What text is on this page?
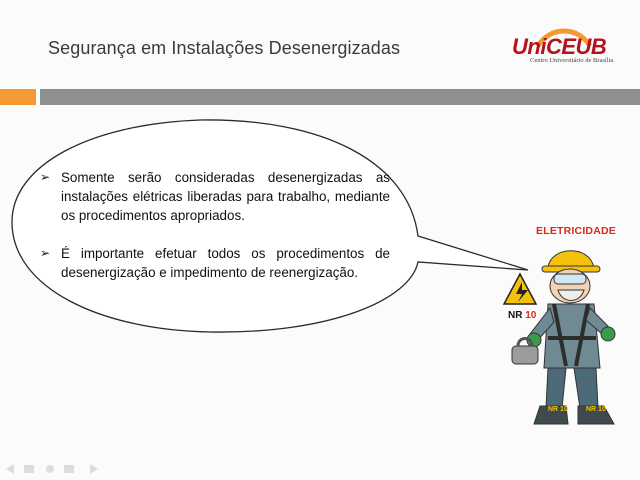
Segurança em Instalações Desenergizadas	UniCEUB
Centro Universitário de Brasília
➢ Somente serão consideradas desenergizadas as instalações elétricas liberadas para trabalho, mediante os procedimentos apropriados.
➢ É importante efetuar todos os procedimentos de desenergização e impedimento de reenergização.
ELETRICIDADE
NR 10
NR 10	NR 10
